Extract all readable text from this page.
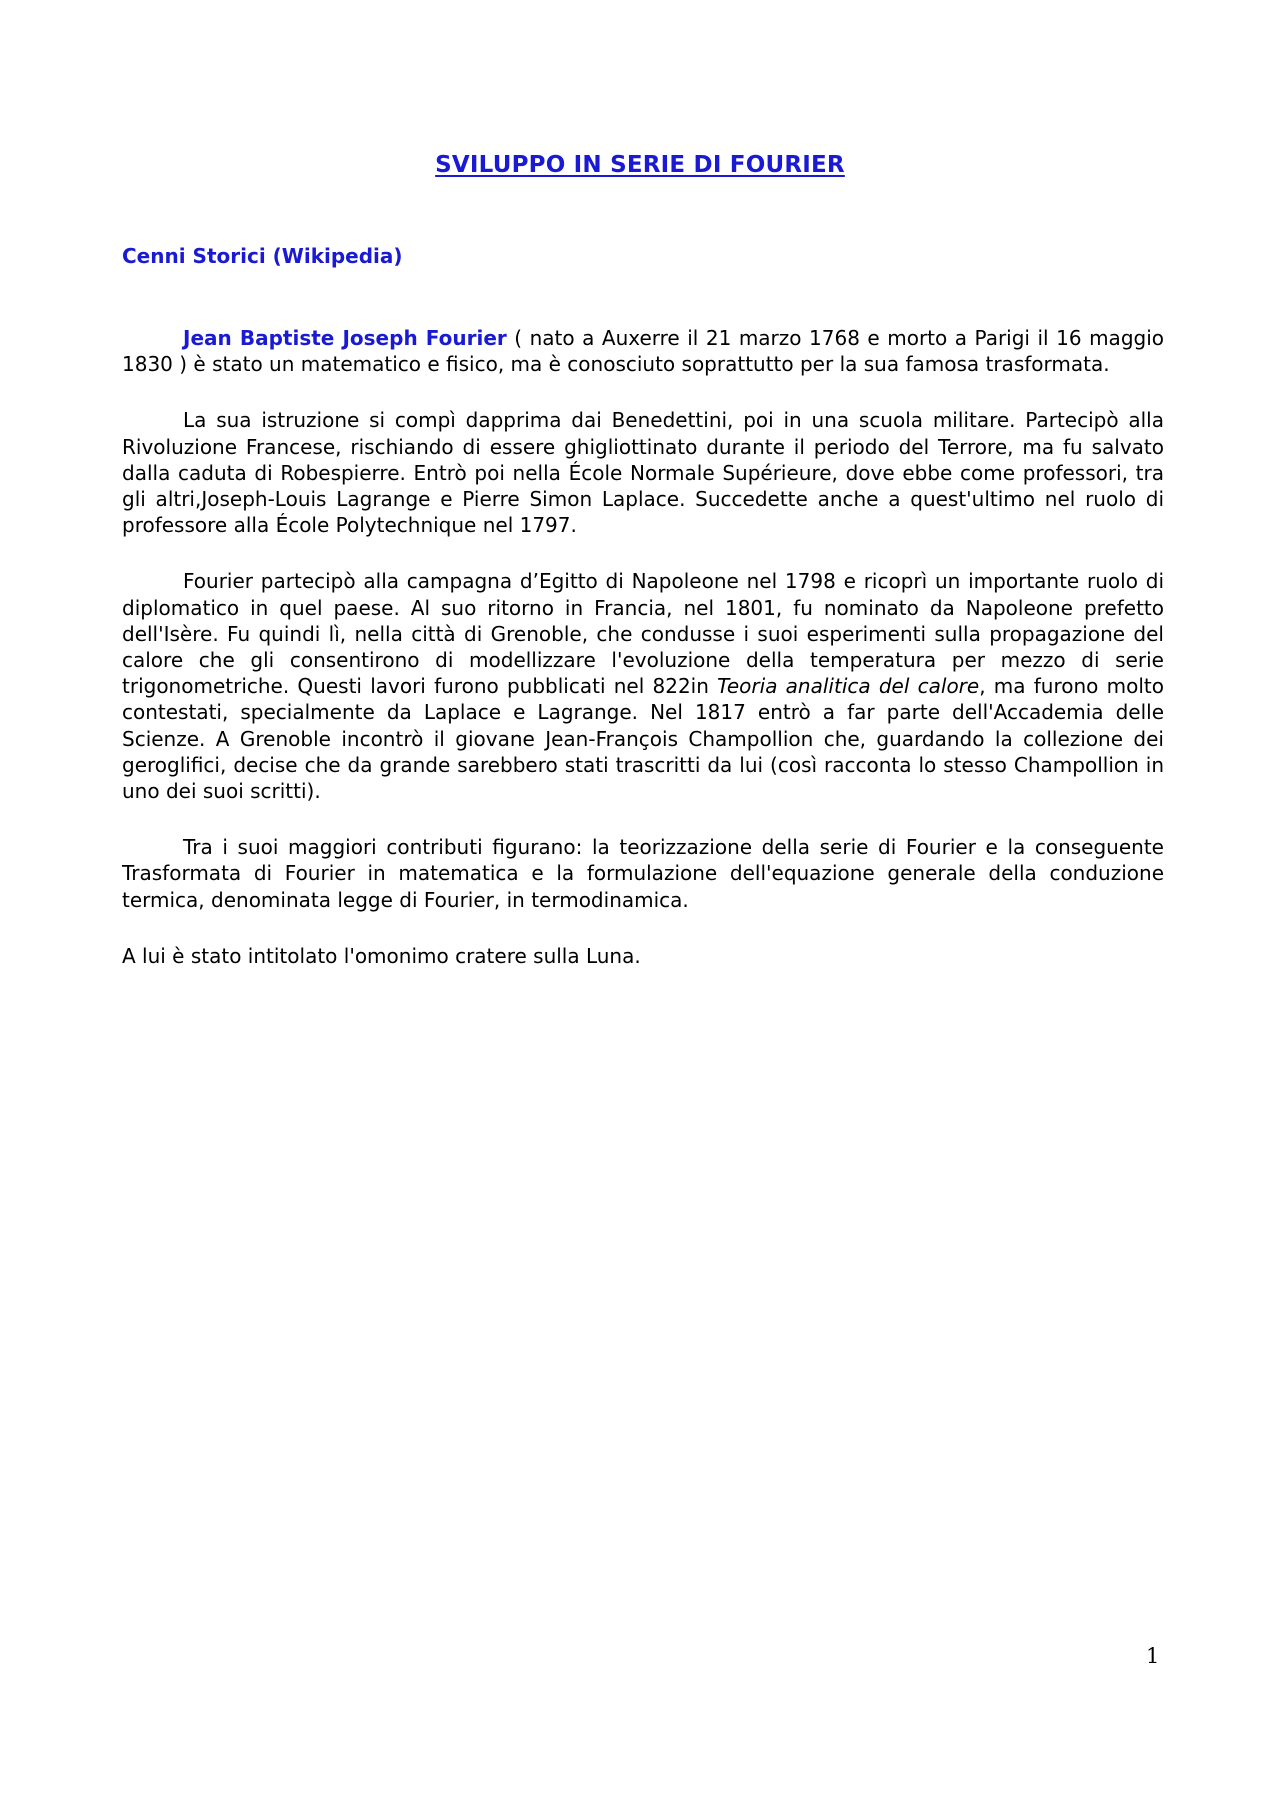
SVILUPPO IN SERIE DI FOURIER
Cenni Storici (Wikipedia)

Jean Baptiste Joseph Fourier ( nato a Auxerre il 21 marzo 1768 e morto a Parigi il 16 maggio 1830 ) è stato un matematico e fisico, ma è conosciuto soprattutto per la sua famosa trasformata.

La sua istruzione si compì dapprima dai Benedettini, poi in una scuola militare. Partecipò alla Rivoluzione Francese, rischiando di essere ghigliottinato durante il periodo del Terrore, ma fu salvato dalla caduta di Robespierre. Entrò poi nella École Normale Supérieure, dove ebbe come professori, tra gli altri,Joseph-Louis Lagrange e Pierre Simon Laplace. Succedette anche a quest'ultimo nel ruolo di professore alla École Polytechnique nel 1797.

Fourier partecipò alla campagna d’Egitto di Napoleone nel 1798 e ricoprì un importante ruolo di diplomatico in quel paese. Al suo ritorno in Francia, nel 1801, fu nominato da Napoleone prefetto dell'Isère. Fu quindi lì, nella città di Grenoble, che condusse i suoi esperimenti sulla propagazione del calore che gli consentirono di modellizzare l'evoluzione della temperatura per mezzo di serie trigonometriche. Questi lavori furono pubblicati nel 822in Teoria analitica del calore, ma furono molto contestati, specialmente da Laplace e Lagrange. Nel 1817 entrò a far parte dell'Accademia delle Scienze. A Grenoble incontrò il giovane Jean-François Champollion che, guardando la collezione dei geroglifici, decise che da grande sarebbero stati trascritti da lui (così racconta lo stesso Champollion in uno dei suoi scritti).

Tra i suoi maggiori contributi figurano: la teorizzazione della serie di Fourier e la conseguente Trasformata di Fourier in matematica e la formulazione dell'equazione generale della conduzione termica, denominata legge di Fourier, in termodinamica.

A lui è stato intitolato l'omonimo cratere sulla Luna.

1
